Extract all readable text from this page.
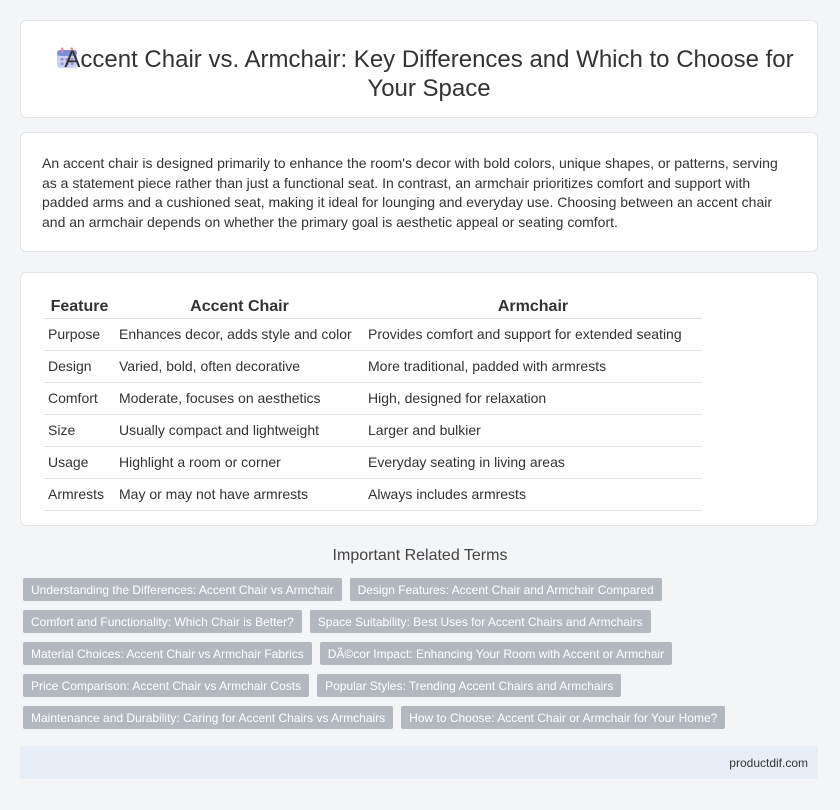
Accent Chair vs. Armchair: Key Differences and Which to Choose for Your Space

An accent chair is designed primarily to enhance the room's decor with bold colors, unique shapes, or patterns, serving as a statement piece rather than just a functional seat. In contrast, an armchair prioritizes comfort and support with padded arms and a cushioned seat, making it ideal for lounging and everyday use. Choosing between an accent chair and an armchair depends on whether the primary goal is aesthetic appeal or seating comfort.

Feature	Accent Chair	Armchair
Purpose	Enhances decor, adds style and color	Provides comfort and support for extended seating
Design	Varied, bold, often decorative	More traditional, padded with armrests
Comfort	Moderate, focuses on aesthetics	High, designed for relaxation
Size	Usually compact and lightweight	Larger and bulkier
Usage	Highlight a room or corner	Everyday seating in living areas
Armrests	May or may not have armrests	Always includes armrests
Important Related Terms
Understanding the Differences: Accent Chair vs Armchair	Design Features: Accent Chair and Armchair Compared
Comfort and Functionality: Which Chair is Better?	Space Suitability: Best Uses for Accent Chairs and Armchairs
Material Choices: Accent Chair vs Armchair Fabrics	DÃ©cor Impact: Enhancing Your Room with Accent or Armchair
Price Comparison: Accent Chair vs Armchair Costs	Popular Styles: Trending Accent Chairs and Armchairs
Maintenance and Durability: Caring for Accent Chairs vs Armchairs	How to Choose: Accent Chair or Armchair for Your Home?
productdif.com
